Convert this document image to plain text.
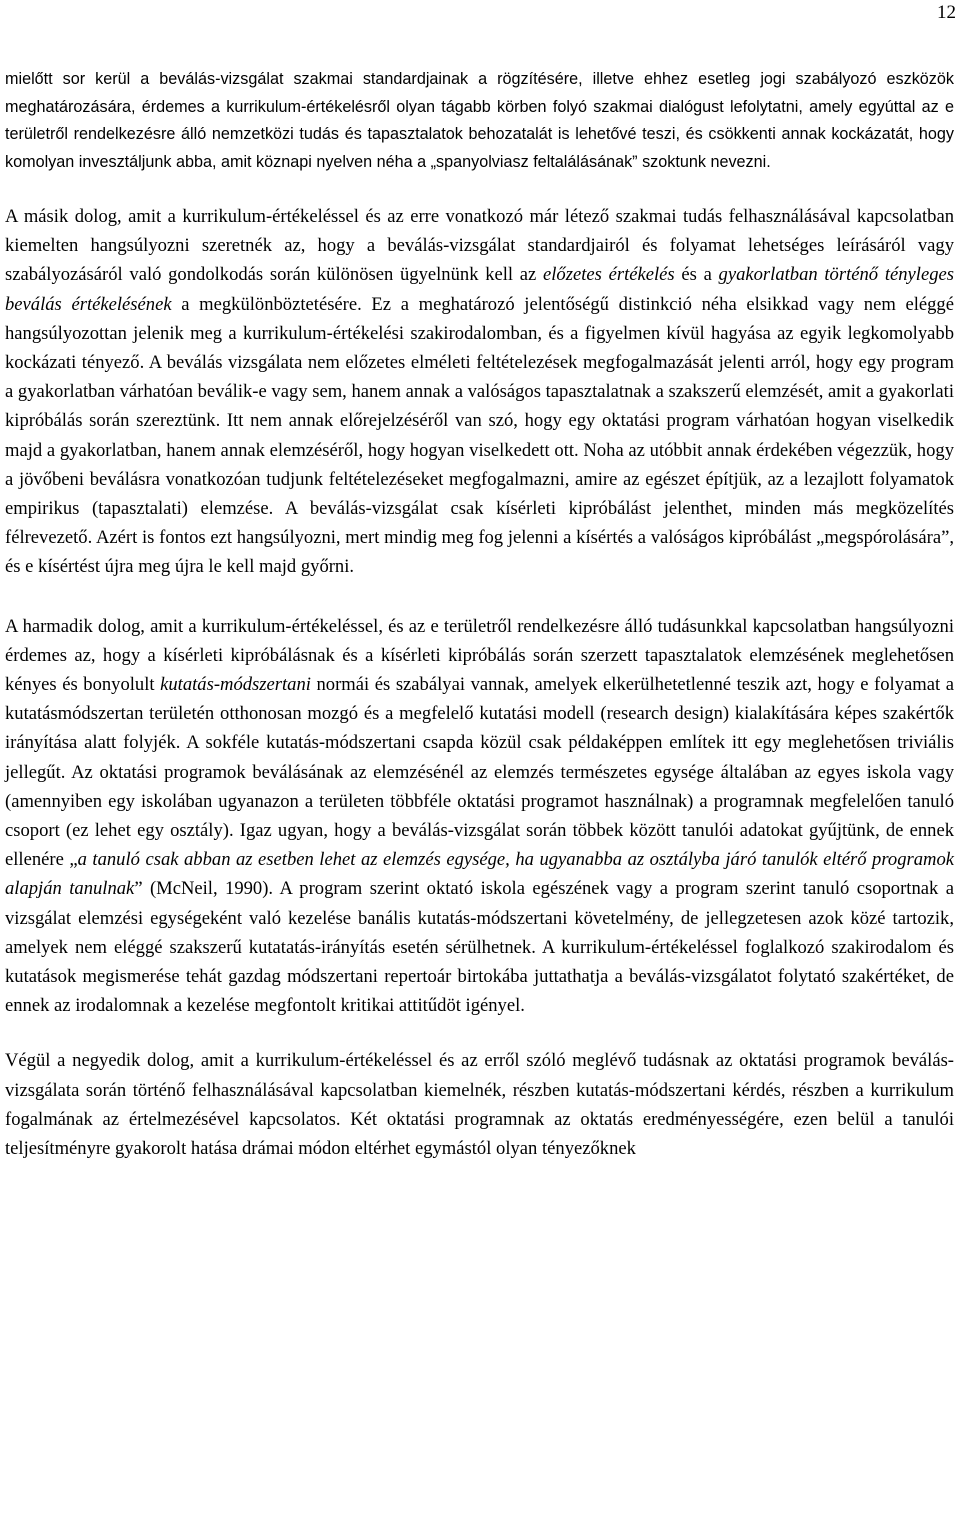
12

mielőtt sor kerül a beválás-vizsgálat szakmai standardjainak a rögzítésére, illetve ehhez esetleg jogi szabályozó eszközök meghatározására, érdemes a kurrikulum-értékelésről olyan tágabb körben folyó szakmai dialógust lefolytatni, amely egyúttal az e területről rendelkezésre álló nemzetközi tudás és tapasztalatok behozatalát is lehetővé teszi, és csökkenti annak kockázatát, hogy komolyan invesztáljunk abba, amit köznapi nyelven néha a „spanyolviasz feltalálásának” szoktunk nevezni.

A másik dolog, amit a kurrikulum-értékeléssel és az erre vonatkozó már létező szakmai tudás felhasználásával kapcsolatban kiemelten hangsúlyozni szeretnék az, hogy a beválás-vizsgálat standardjairól és folyamat lehetséges leírásáról vagy szabályozásáról való gondolkodás során különösen ügyelnünk kell az előzetes értékelés és a gyakorlatban történő tényleges beválás értékelésének a megkülönböztetésére. Ez a meghatározó jelentőségű distinkció néha elsikkad vagy nem eléggé hangsúlyozottan jelenik meg a kurrikulum-értékelési szakirodalomban, és a figyelmen kívül hagyása az egyik legkomolyabb kockázati tényező. A beválás vizsgálata nem előzetes elméleti feltételezések megfogalmazását jelenti arról, hogy egy program a gyakorlatban várhatóan beválik-e vagy sem, hanem annak a valóságos tapasztalatnak a szakszerű elemzését, amit a gyakorlati kipróbálás során szereztünk. Itt nem annak előrejelzéséről van szó, hogy egy oktatási program várhatóan hogyan viselkedik majd a gyakorlatban, hanem annak elemzéséről, hogy hogyan viselkedett ott. Noha az utóbbit annak érdekében végezzük, hogy a jövőbeni beválásra vonatkozóan tudjunk feltételezéseket megfogalmazni, amire az egészet építjük, az a lezajlott folyamatok empirikus (tapasztalati) elemzése. A beválás-vizsgálat csak kísérleti kipróbálást jelenthet, minden más megközelítés félrevezető. Azért is fontos ezt hangsúlyozni, mert mindig meg fog jelenni a kísértés a valóságos kipróbálást „megspórolására”, és e kísértést újra meg újra le kell majd győrni.

A harmadik dolog, amit a kurrikulum-értékeléssel, és az e területről rendelkezésre álló tudásunkkal kapcsolatban hangsúlyozni érdemes az, hogy a kísérleti kipróbálásnak és a kísérleti kipróbálás során szerzett tapasztalatok elemzésének meglehetősen kényes és bonyolult kutatás-módszertani normái és szabályai vannak, amelyek elkerülhetetlenné teszik azt, hogy e folyamat a kutatásmódszertan területén otthonosan mozgó és a megfelelő kutatási modell (research design) kialakítására képes szakértők irányítása alatt folyjék. A sokféle kutatás-módszertani csapda közül csak példaképpen említek itt egy meglehetősen triviális jellegűt. Az oktatási programok beválásának az elemzésénél az elemzés természetes egysége általában az egyes iskola vagy (amennyiben egy iskolában ugyanazon a területen többféle oktatási programot használnak) a programnak megfelelően tanuló csoport (ez lehet egy osztály). Igaz ugyan, hogy a beválás-vizsgálat során többek között tanulói adatokat gyűjtünk, de ennek ellenére „a tanuló csak abban az esetben lehet az elemzés egysége, ha ugyanabba az osztályba járó tanulók eltérő programok alapján tanulnak” (McNeil, 1990). A program szerint oktató iskola egészének vagy a program szerint tanuló csoportnak a vizsgálat elemzési egységeként való kezelése banális kutatás-módszertani követelmény, de jellegzetesen azok közé tartozik, amelyek nem eléggé szakszerű kutatatás-irányítás esetén sérülhetnek. A kurrikulum-értékeléssel foglalkozó szakirodalom és kutatások megismerése tehát gazdag módszertani repertoár birtokába juttathatja a beválás-vizsgálatot folytató szakértéket, de ennek az irodalomnak a kezelése megfontolt kritikai attitűdöt igényel.

Végül a negyedik dolog, amit a kurrikulum-értékeléssel és az erről szóló meglévő tudásnak az oktatási programok beválás-vizsgálata során történő felhasználásával kapcsolatban kiemelnék, részben kutatás-módszertani kérdés, részben a kurrikulum fogalmának az értelmezésével kapcsolatos. Két oktatási programnak az oktatás eredményességére, ezen belül a tanulói teljesítményre gyakorolt hatása drámai módon eltérhet egymástól olyan tényezőknek
